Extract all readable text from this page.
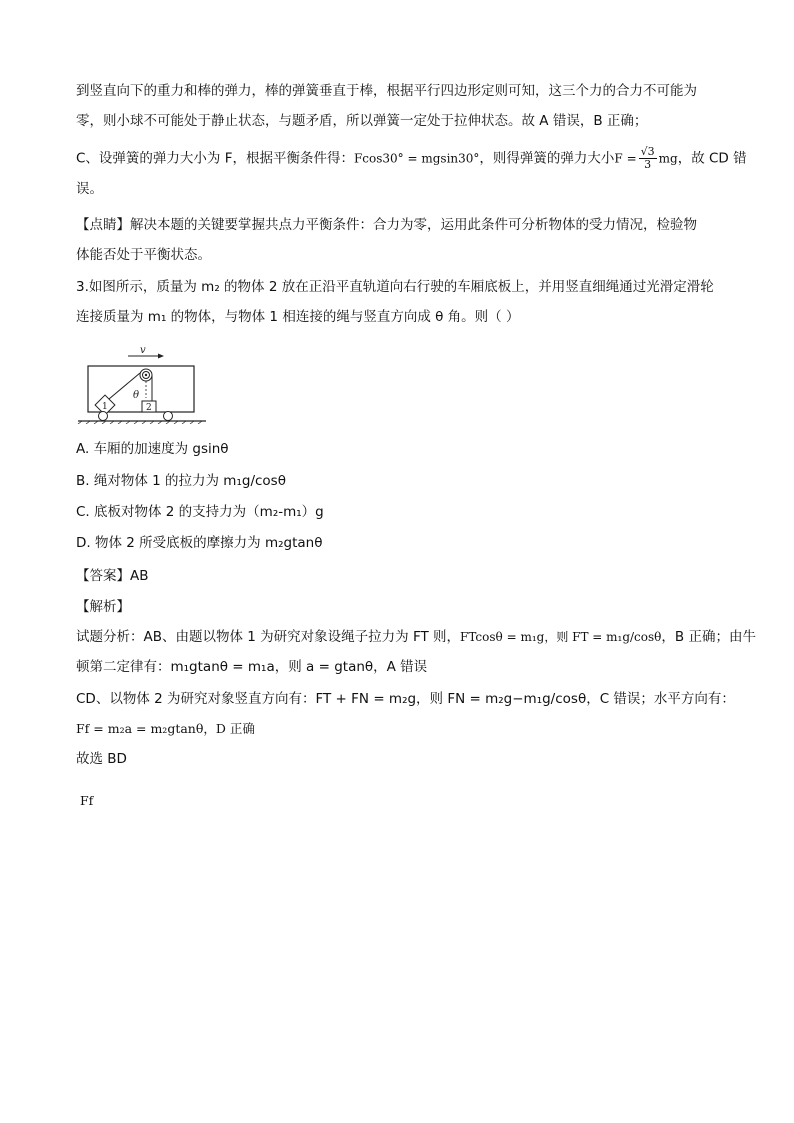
到竖直向下的重力和棒的弹力，棒的弹簧垂直于棒，根据平行四边形定则可知，这三个力的合力不可能为
零，则小球不可能处于静止状态，与题矛盾，所以弹簧一定处于拉伸状态。故 A 错误，B 正确；
C、设弹簧的弹力大小为 F，根据平衡条件得：Fcos30° = mgsin30°，则得弹簧的弹力大小$F = \frac{√3}{3}$ mg，故 CD 错
误。
【点睛】解决本题的关键要掌握共点力平衡条件：合力为零，运用此条件可分析物体的受力情况，检验物
体能否处于平衡状态。
3.如图所示，质量为 m₂ 的物体 2 放在正沿平直轨道向右行驶的车厢底板上，并用竖直细绳通过光滑定滑轮
连接质量为 m₁ 的物体，与物体 1 相连接的绳与竖直方向成 θ 角。则（ ）
v
θ
1	2
A. 车厢的加速度为 gsinθ
B. 绳对物体 1 的拉力为 m₁g/cosθ
C. 底板对物体 2 的支持力为（m₂-m₁）g
D. 物体 2 所受底板的摩擦力为 m₂gtanθ
【答案】AB
【解析】
试题分析：AB、由题以物体 1 为研究对象设绳子拉力为 FT 则，FTcosθ = m₁g，则 FT = m₁g/cosθ，B 正确；由牛
顿第二定律有：m₁gtanθ = m₁a，则 a = gtanθ，A 错误
CD、以物体 2 为研究对象竖直方向有：FT + FN = m₂g，则 FN = m₂g−m₁g/cosθ，C 错误；水平方向有：
Ff = m₂a = m₂gtanθ，D 正确
故选 BD
Ff
